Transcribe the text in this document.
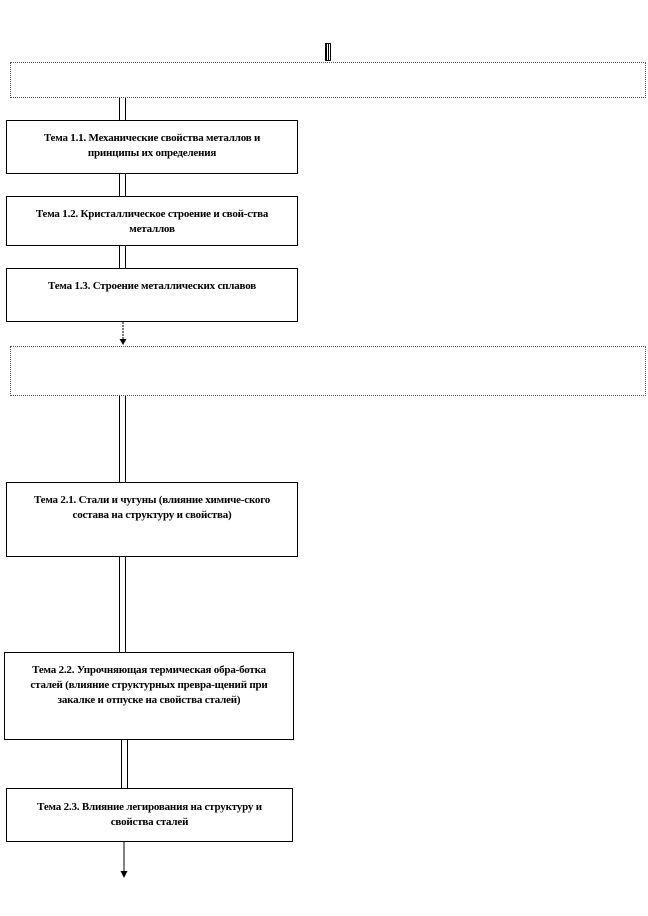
Тема 1.1. Механические свойства металлов и принципы их определения
Тема 1.2. Кристаллическое строение и свой-ства металлов
Тема 1.3. Строение металлических сплавов
Тема 2.1. Стали и чугуны (влияние химиче-ского состава на структуру и свойства)
Тема 2.2. Упрочняющая термическая обра-ботка сталей (влияние структурных превра-щений при закалке и отпуске на свойства сталей)
Тема 2.3. Влияние легирования на структуру и свойства сталей
